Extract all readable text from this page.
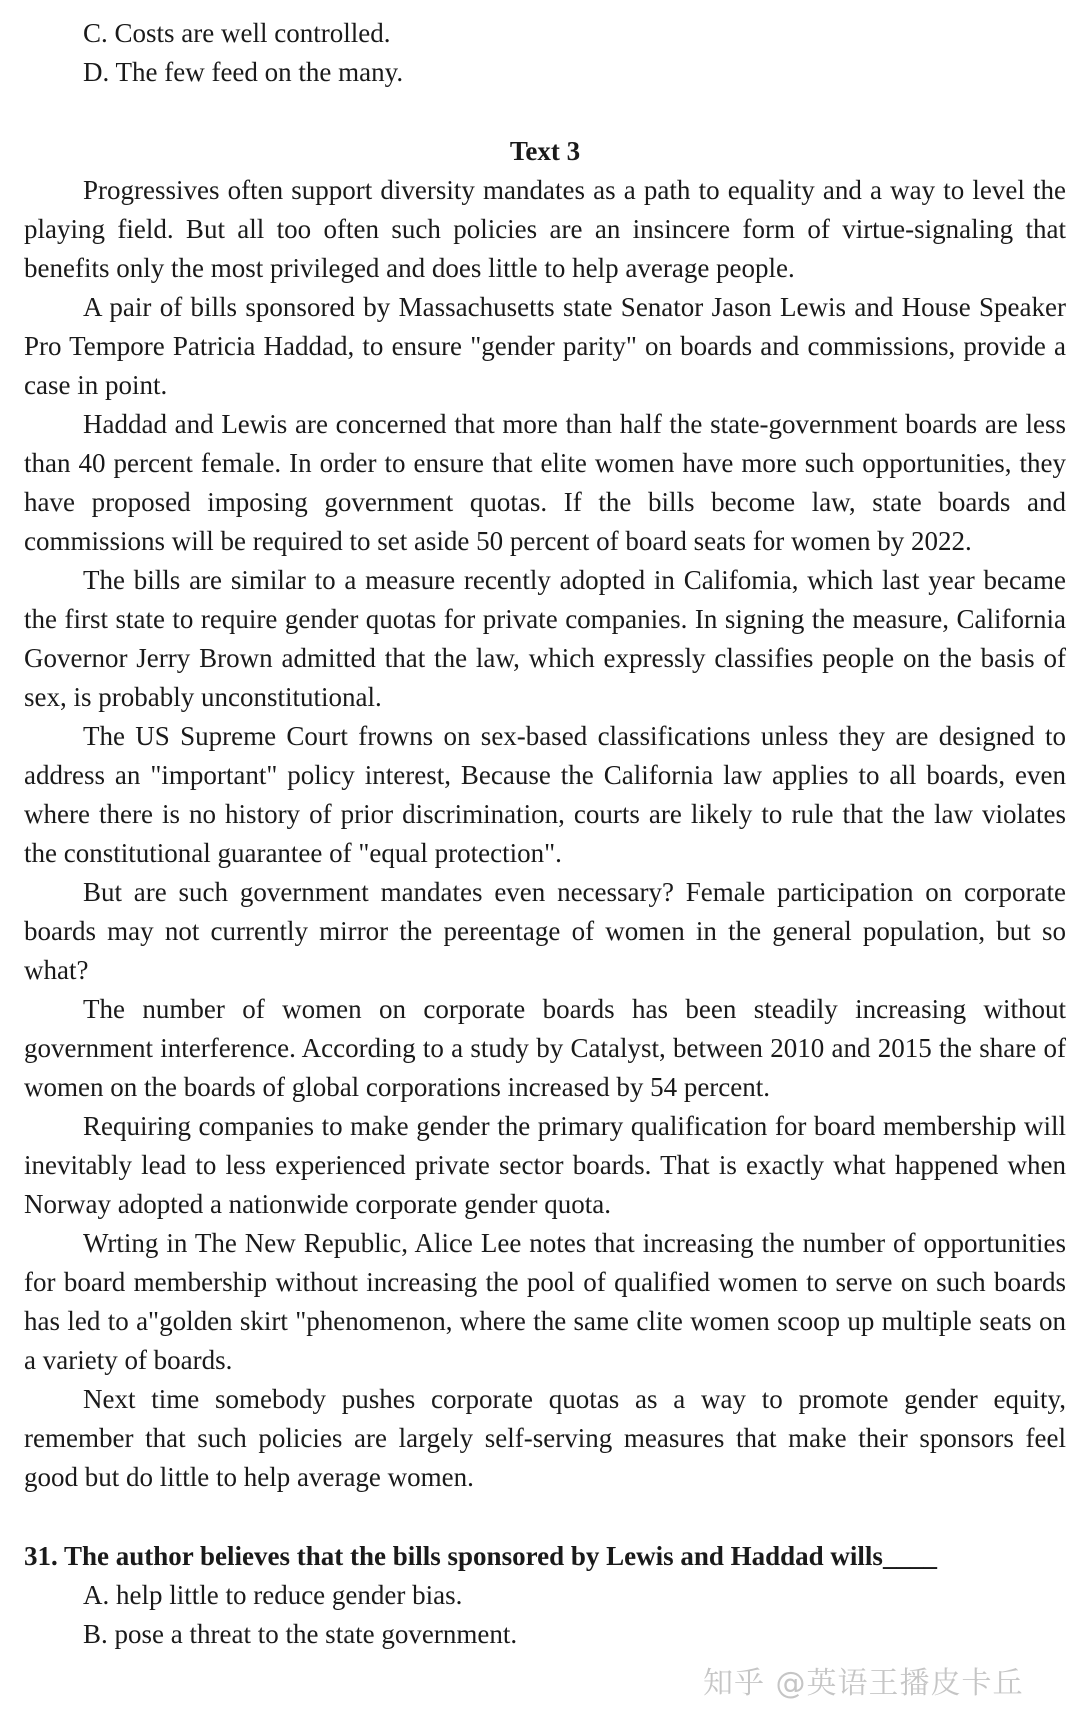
C. Costs are well controlled.
D. The few feed on the many.
Text 3

Progressives often support diversity mandates as a path to equality and a way to level the playing field. But all too often such policies are an insincere form of virtue-signaling that benefits only the most privileged and does little to help average people.

A pair of bills sponsored by Massachusetts state Senator Jason Lewis and House Speaker Pro Tempore Patricia Haddad, to ensure "gender parity" on boards and commissions, provide a case in point.

Haddad and Lewis are concerned that more than half the state-government boards are less than 40 percent female. In order to ensure that elite women have more such opportunities, they have proposed imposing government quotas. If the bills become law, state boards and commissions will be required to set aside 50 percent of board seats for women by 2022.

The bills are similar to a measure recently adopted in Califomia, which last year became the first state to require gender quotas for private companies. In signing the measure, California Governor Jerry Brown admitted that the law, which expressly classifies people on the basis of sex, is probably unconstitutional.

The US Supreme Court frowns on sex-based classifications unless they are designed to address an "important" policy interest, Because the California law applies to all boards, even where there is no history of prior discrimination, courts are likely to rule that the law violates the constitutional guarantee of "equal protection".

But are such government mandates even necessary? Female participation on corporate boards may not currently mirror the pereentage of women in the general population, but so what?

The number of women on corporate boards has been steadily increasing without government interference. According to a study by Catalyst, between 2010 and 2015 the share of women on the boards of global corporations increased by 54 percent.

Requiring companies to make gender the primary qualification for board membership will inevitably lead to less experienced private sector boards. That is exactly what happened when Norway adopted a nationwide corporate gender quota.

Wrting in The New Republic, Alice Lee notes that increasing the number of opportunities for board membership without increasing the pool of qualified women to serve on such boards has led to a"golden skirt "phenomenon, where the same clite women scoop up multiple seats on a variety of boards.

Next time somebody pushes corporate quotas as a way to promote gender equity, remember that such policies are largely self-serving measures that make their sponsors feel good but do little to help average women.

31. The author believes that the bills sponsored by Lewis and Haddad wills____
A. help little to reduce gender bias.
B. pose a threat to the state government.
知乎 @英语王播皮卡丘
